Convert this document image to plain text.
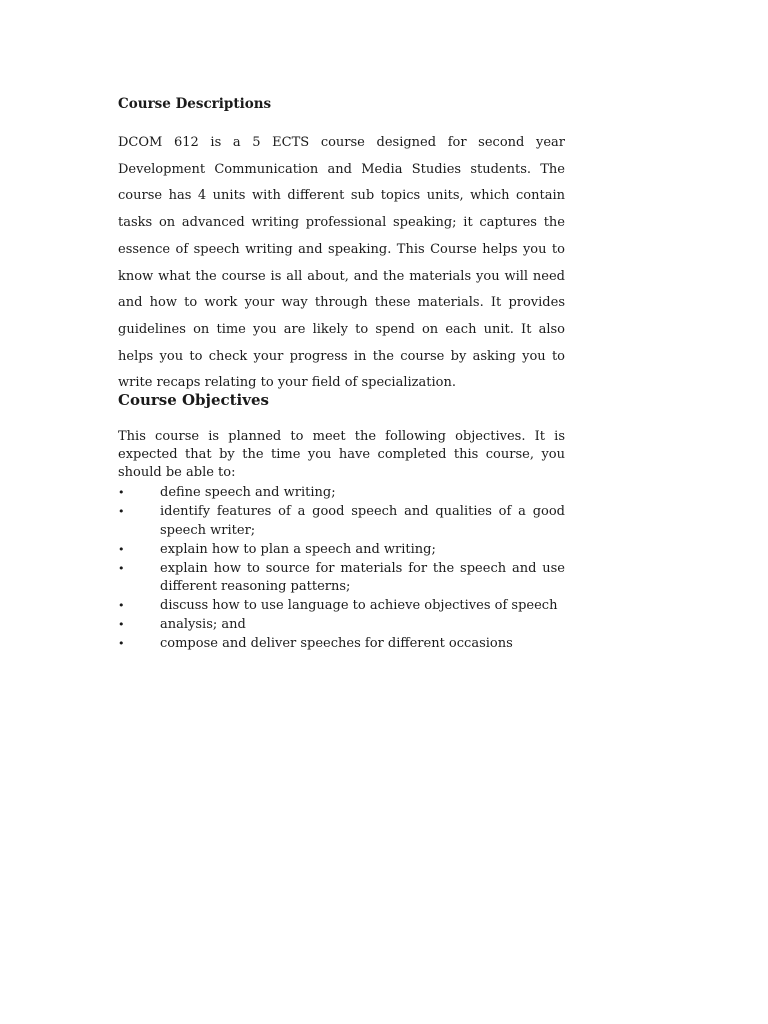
Course Descriptions

DCOM 612 is a 5 ECTS course designed for second year Development Communication and Media Studies students. The course has 4 units with different sub topics units, which contain tasks on advanced writing professional speaking; it captures the essence of speech writing and speaking. This Course helps you to know what the course is all about, and the materials you will need and how to work your way through these materials. It provides guidelines on time you are likely to spend on each unit. It also helps you to check your progress in the course by asking you to write recaps relating to your field of specialization.

Course Objectives

This course is planned to meet the following objectives. It is expected that by the time you have completed this course, you should be able to:

•	define speech and writing;
•	identify features of a good speech and qualities of a good speech writer;
•	explain how to plan a speech and writing;
•	explain how to source for materials for the speech and use different reasoning patterns;
•	discuss how to use language to achieve objectives of speech
•	analysis; and
•	compose and deliver speeches for different occasions
